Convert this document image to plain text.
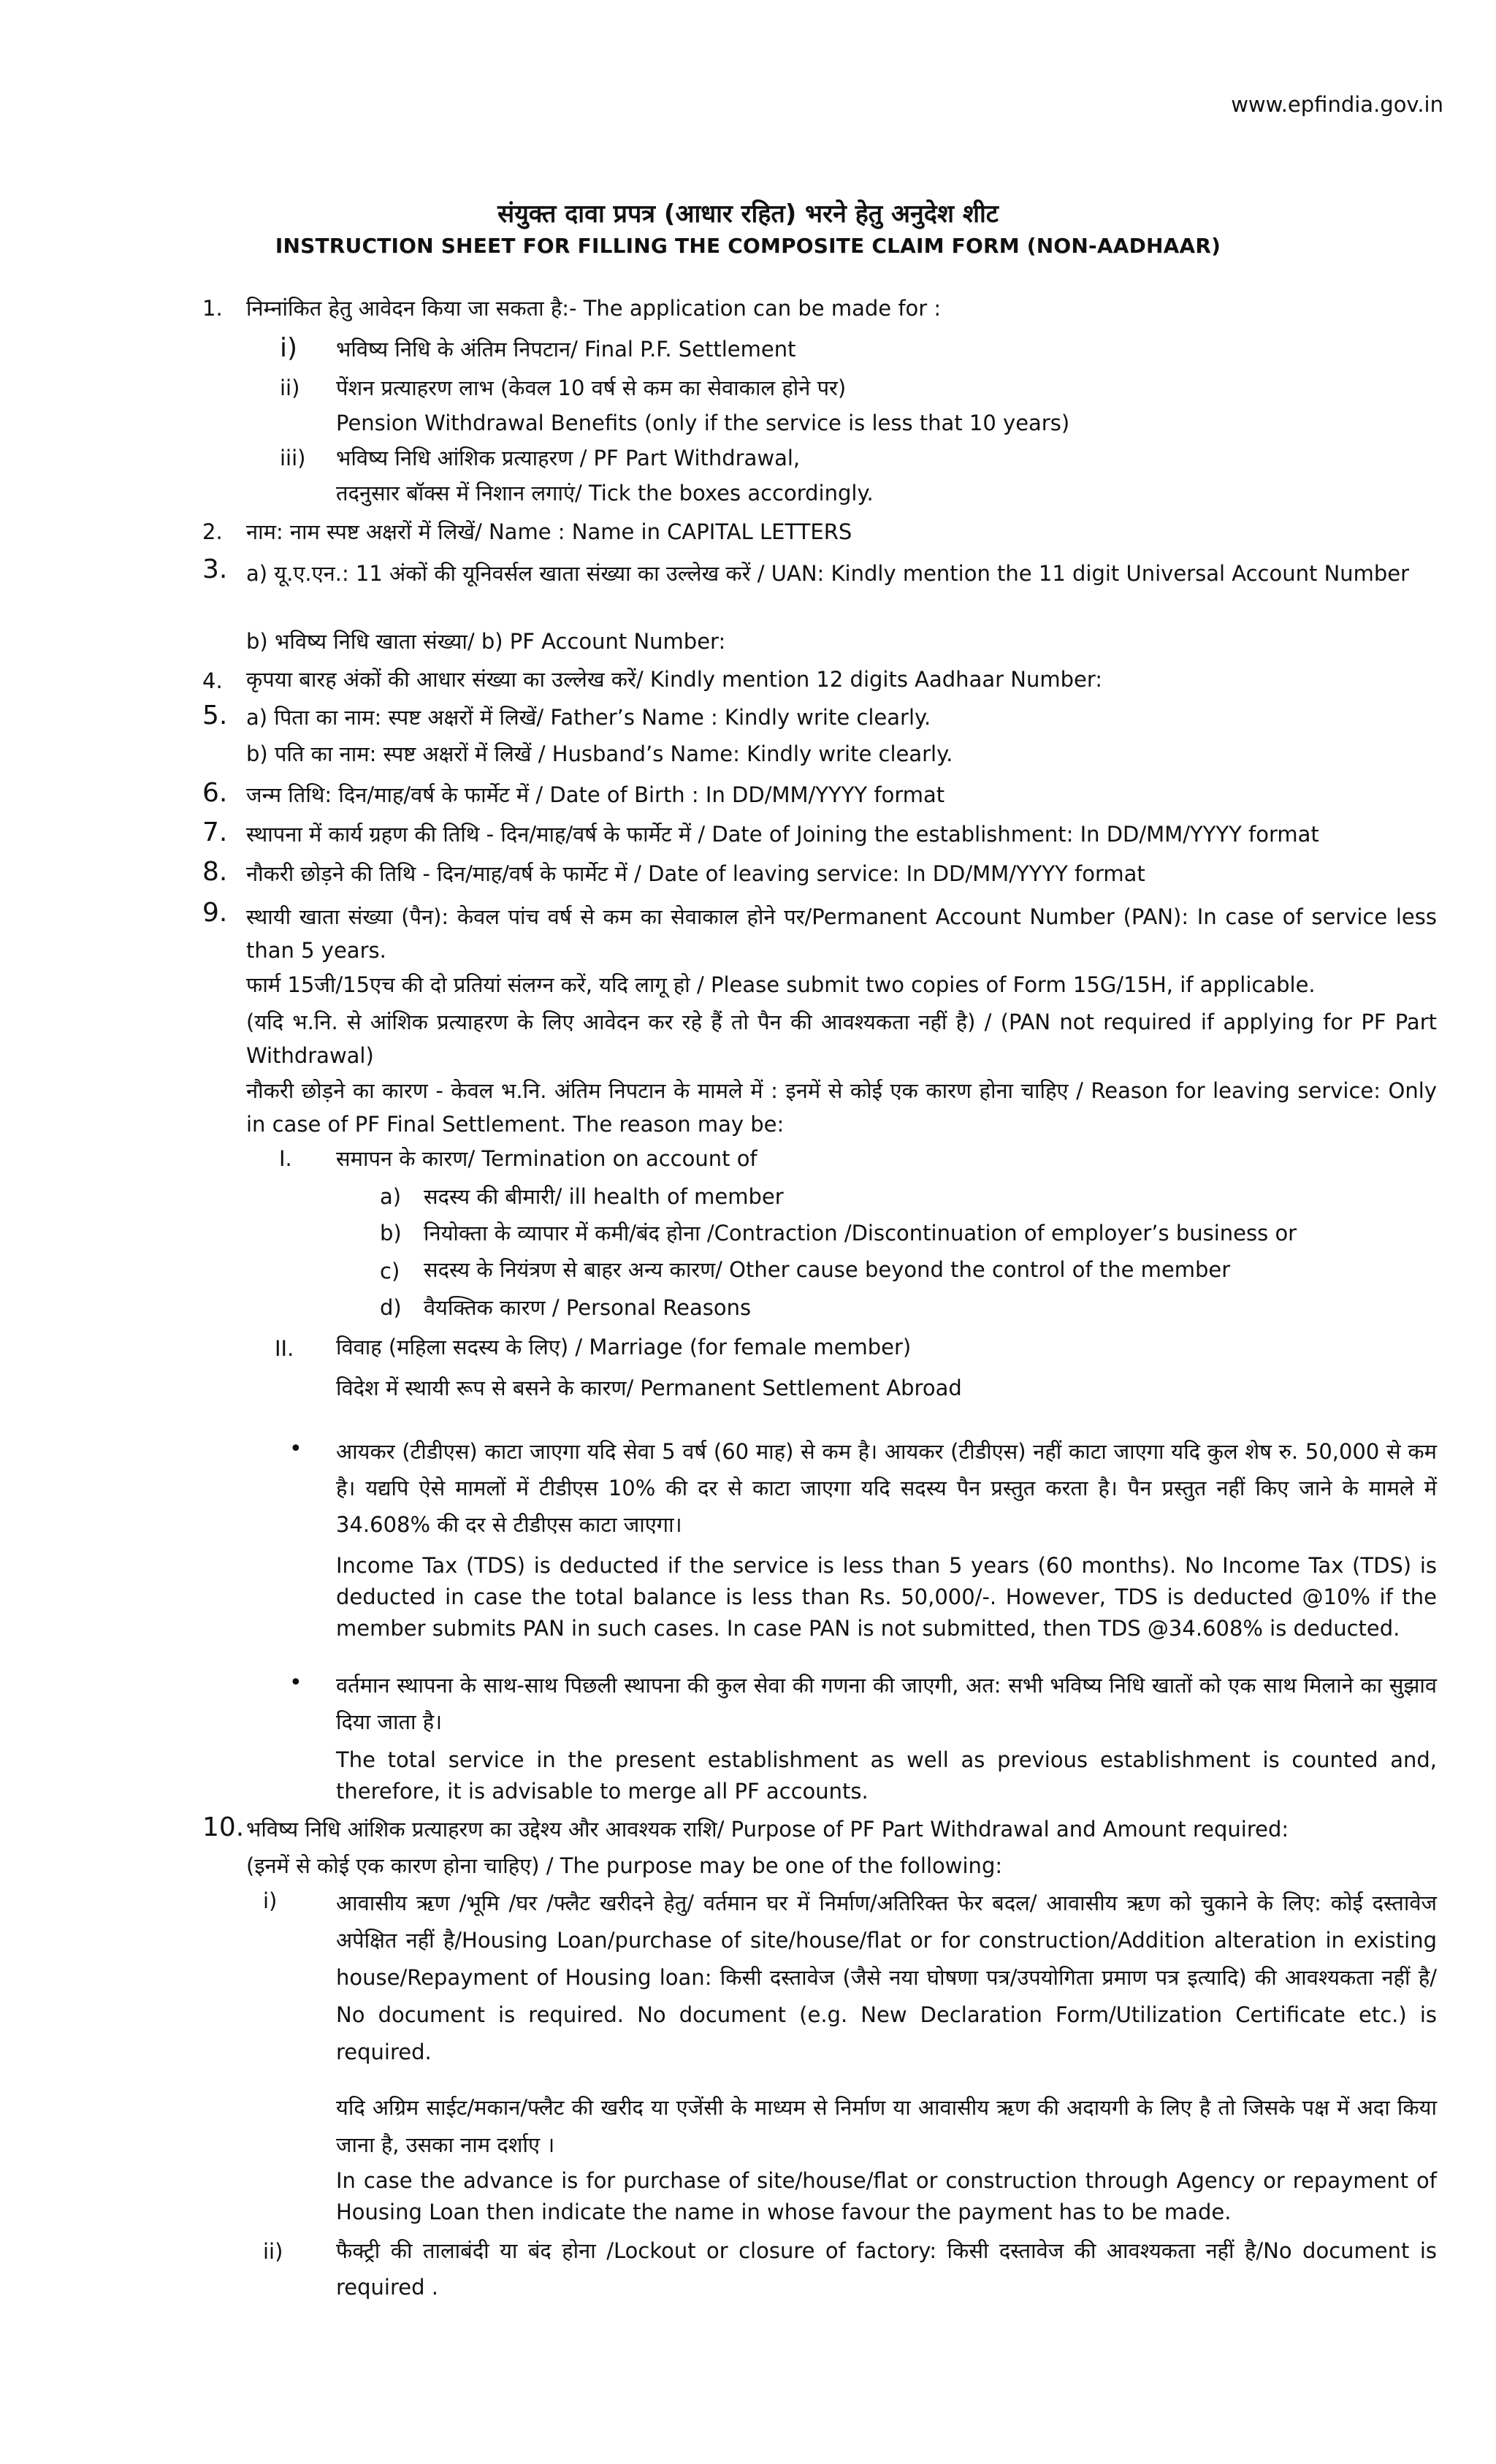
www.epfindia.gov.in
संयुक्त दावा प्रपत्र (आधार रहित) भरने हेतु अनुदेश शीट
INSTRUCTION SHEET FOR FILLING THE COMPOSITE CLAIM FORM (NON-AADHAAR)
1. निम्नांकित हेतु आवेदन किया जा सकता है:- The application can be made for :
i) भविष्य निधि के अंतिम निपटान/ Final P.F. Settlement
ii) पेंशन प्रत्याहरण लाभ (केवल 10 वर्ष से कम का सेवाकाल होने पर)
Pension Withdrawal Benefits (only if the service is less that 10 years)
iii) भविष्य निधि आंशिक प्रत्याहरण / PF Part Withdrawal,
तदनुसार बॉक्स में निशान लगाएं/ Tick the boxes accordingly.
2. नाम: नाम स्पष्ट अक्षरों में लिखें/ Name : Name in CAPITAL LETTERS
3. a) यू.ए.एन.: 11 अंकों की यूनिवर्सल खाता संख्या का उल्लेख करें / UAN: Kindly mention the 11 digit Universal Account Number
b) भविष्य निधि खाता संख्या/ b) PF Account Number:
4. कृपया बारह अंकों की आधार संख्या का उल्लेख करें/ Kindly mention 12 digits Aadhaar Number:
5. a) पिता का नाम: स्पष्ट अक्षरों में लिखें/ Father’s Name : Kindly write clearly.
b) पति का नाम: स्पष्ट अक्षरों में लिखें / Husband’s Name: Kindly write clearly.
6. जन्म तिथि: दिन/माह/वर्ष के फार्मेट में / Date of Birth : In DD/MM/YYYY format
7. स्थापना में कार्य ग्रहण की तिथि - दिन/माह/वर्ष के फार्मेट में / Date of Joining the establishment: In DD/MM/YYYY format
8. नौकरी छोड़ने की तिथि - दिन/माह/वर्ष के फार्मेट में / Date of leaving service: In DD/MM/YYYY format
9. स्थायी खाता संख्या (पैन): केवल पांच वर्ष से कम का सेवाकाल होने पर/Permanent Account Number (PAN): In case of service less than 5 years.
फार्म 15जी/15एच की दो प्रतियां संलग्न करें, यदि लागू हो / Please submit two copies of Form 15G/15H, if applicable.
(यदि भ.नि. से आंशिक प्रत्याहरण के लिए आवेदन कर रहे हैं तो पैन की आवश्यकता नहीं है) / (PAN not required if applying for PF Part Withdrawal)
नौकरी छोड़ने का कारण - केवल भ.नि. अंतिम निपटान के मामले में : इनमें से कोई एक कारण होना चाहिए / Reason for leaving service: Only in case of PF Final Settlement. The reason may be:
I. समापन के कारण/ Termination on account of
a) सदस्य की बीमारी/ ill health of member
b) नियोक्ता के व्यापार में कमी/बंद होना /Contraction /Discontinuation of employer’s business or
c) सदस्य के नियंत्रण से बाहर अन्य कारण/ Other cause beyond the control of the member
d) वैयक्तिक कारण / Personal Reasons
II. विवाह (महिला सदस्य के लिए) / Marriage (for female member)
विदेश में स्थायी रूप से बसने के कारण/ Permanent Settlement Abroad
• आयकर (टीडीएस) काटा जाएगा यदि सेवा 5 वर्ष (60 माह) से कम है। आयकर (टीडीएस) नहीं काटा जाएगा यदि कुल शेष रु. 50,000 से कम है। यद्यपि ऐसे मामलों में टीडीएस 10% की दर से काटा जाएगा यदि सदस्य पैन प्रस्तुत करता है। पैन प्रस्तुत नहीं किए जाने के मामले में 34.608% की दर से टीडीएस काटा जाएगा।
Income Tax (TDS) is deducted if the service is less than 5 years (60 months). No Income Tax (TDS) is deducted in case the total balance is less than Rs. 50,000/-. However, TDS is deducted @10% if the member submits PAN in such cases. In case PAN is not submitted, then TDS @34.608% is deducted.
• वर्तमान स्थापना के साथ-साथ पिछली स्थापना की कुल सेवा की गणना की जाएगी, अत: सभी भविष्य निधि खातों को एक साथ मिलाने का सुझाव दिया जाता है।
The total service in the present establishment as well as previous establishment is counted and, therefore, it is advisable to merge all PF accounts.
10. भविष्य निधि आंशिक प्रत्याहरण का उद्देश्य और आवश्यक राशि/ Purpose of PF Part Withdrawal and Amount required:
(इनमें से कोई एक कारण होना चाहिए) / The purpose may be one of the following:
i)	आवासीय ऋण /भूमि /घर /फ्लैट खरीदने हेतु/ वर्तमान घर में निर्माण/अतिरिक्त फेर बदल/ आवासीय ऋण को चुकाने के लिए: कोई दस्तावेज अपेक्षित नहीं है/Housing Loan/purchase of site/house/flat or for construction/Addition alteration in existing house/Repayment of Housing loan: किसी दस्तावेज (जैसे नया घोषणा पत्र/उपयोगिता प्रमाण पत्र इत्यादि) की आवश्यकता नहीं है/ No document is required. No document (e.g. New Declaration Form/Utilization Certificate etc.) is required.
यदि अग्रिम साईट/मकान/फ्लैट की खरीद या एजेंसी के माध्यम से निर्माण या आवासीय ऋण की अदायगी के लिए है तो जिसके पक्ष में अदा किया जाना है, उसका नाम दर्शाए ।
In case the advance is for purchase of site/house/flat or construction through Agency or repayment of Housing Loan then indicate the name in whose favour the payment has to be made.
ii)	फैक्ट्री की तालाबंदी या बंद होना /Lockout or closure of factory: किसी दस्तावेज की आवश्यकता नहीं है/No document is required .
